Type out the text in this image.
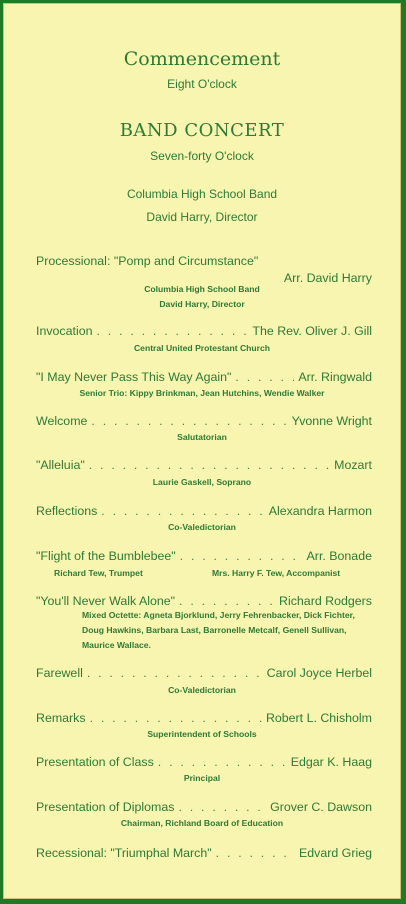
Commencement
Eight O'clock
BAND CONCERT
Seven-forty O'clock
Columbia High School Band
David Harry, Director
Processional: "Pomp and Circumstance"
Arr. David Harry
Columbia High School Band
David Harry, Director
Invocation . . .	The Rev. Oliver J. Gill
Central United Protestant Church
"I May Never Pass This Way Again" . . .	Arr. Ringwald
Senior Trio: Kippy Brinkman, Jean Hutchins, Wendie Walker
Welcome . . .	Yvonne Wright
Salutatorian
"Alleluia" . . .	Mozart
Laurie Gaskell, Soprano
Reflections . . .	Alexandra Harmon
Co-Valedictorian
"Flight of the Bumblebee" . . .	Arr. Bonade
Richard Tew, Trumpet	Mrs. Harry F. Tew, Accompanist
"You'll Never Walk Alone" . . .	Richard Rodgers
Mixed Octette: Agneta Bjorklund, Jerry Fehrenbacker, Dick Fichter, Doug Hawkins, Barbara Last, Barronelle Metcalf, Genell Sullivan, Maurice Wallace.
Farewell . . .	Carol Joyce Herbel
Co-Valedictorian
Remarks . . .	Robert L. Chisholm
Superintendent of Schools
Presentation of Class . . .	Edgar K. Haag
Principal
Presentation of Diplomas . . .	Grover C. Dawson
Chairman, Richland Board of Education
Recessional: "Triumphal March" . . .	Edvard Grieg
